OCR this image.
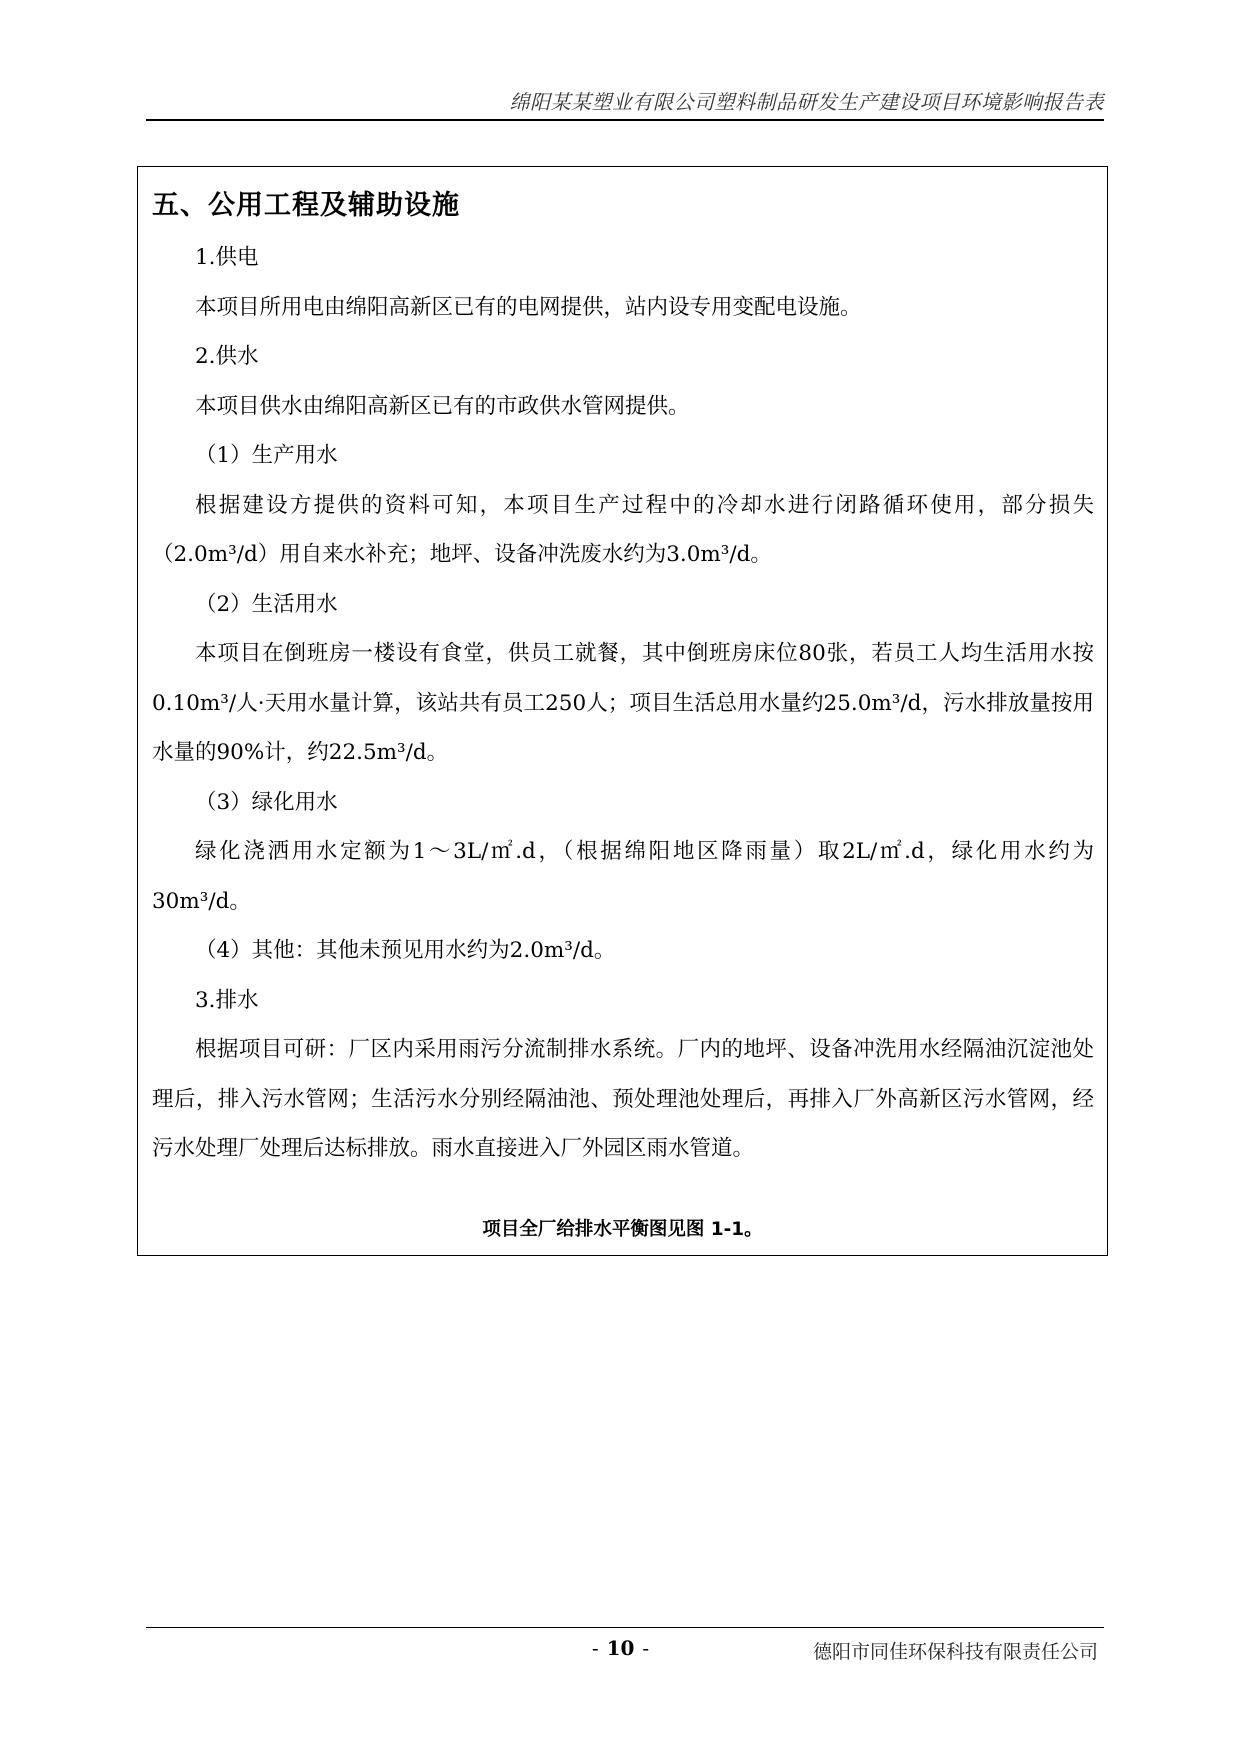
绵阳某某塑业有限公司塑料制品研发生产建设项目环境影响报告表
五、公用工程及辅助设施

1.供电

本项目所用电由绵阳高新区已有的电网提供，站内设专用变配电设施。

2.供水

本项目供水由绵阳高新区已有的市政供水管网提供。

（1）生产用水

根据建设方提供的资料可知，本项目生产过程中的冷却水进行闭路循环使用，部分损失（2.0m³/d）用自来水补充；地坪、设备冲洗废水约为3.0m³/d。

（2）生活用水

本项目在倒班房一楼设有食堂，供员工就餐，其中倒班房床位80张，若员工人均生活用水按0.10m³/人·天用水量计算，该站共有员工250人；项目生活总用水量约25.0m³/d，污水排放量按用水量的90%计，约22.5m³/d。

（3）绿化用水

绿化浇洒用水定额为1～3L/㎡.d，（根据绵阳地区降雨量）取2L/㎡.d，绿化用水约为30m³/d。

（4）其他：其他未预见用水约为2.0m³/d。

3.排水

根据项目可研：厂区内采用雨污分流制排水系统。厂内的地坪、设备冲洗用水经隔油沉淀池处理后，排入污水管网；生活污水分别经隔油池、预处理池处理后，再排入厂外高新区污水管网，经污水处理厂处理后达标排放。雨水直接进入厂外园区雨水管道。

项目全厂给排水平衡图见图 1-1。
- 10 -	德阳市同佳环保科技有限责任公司
